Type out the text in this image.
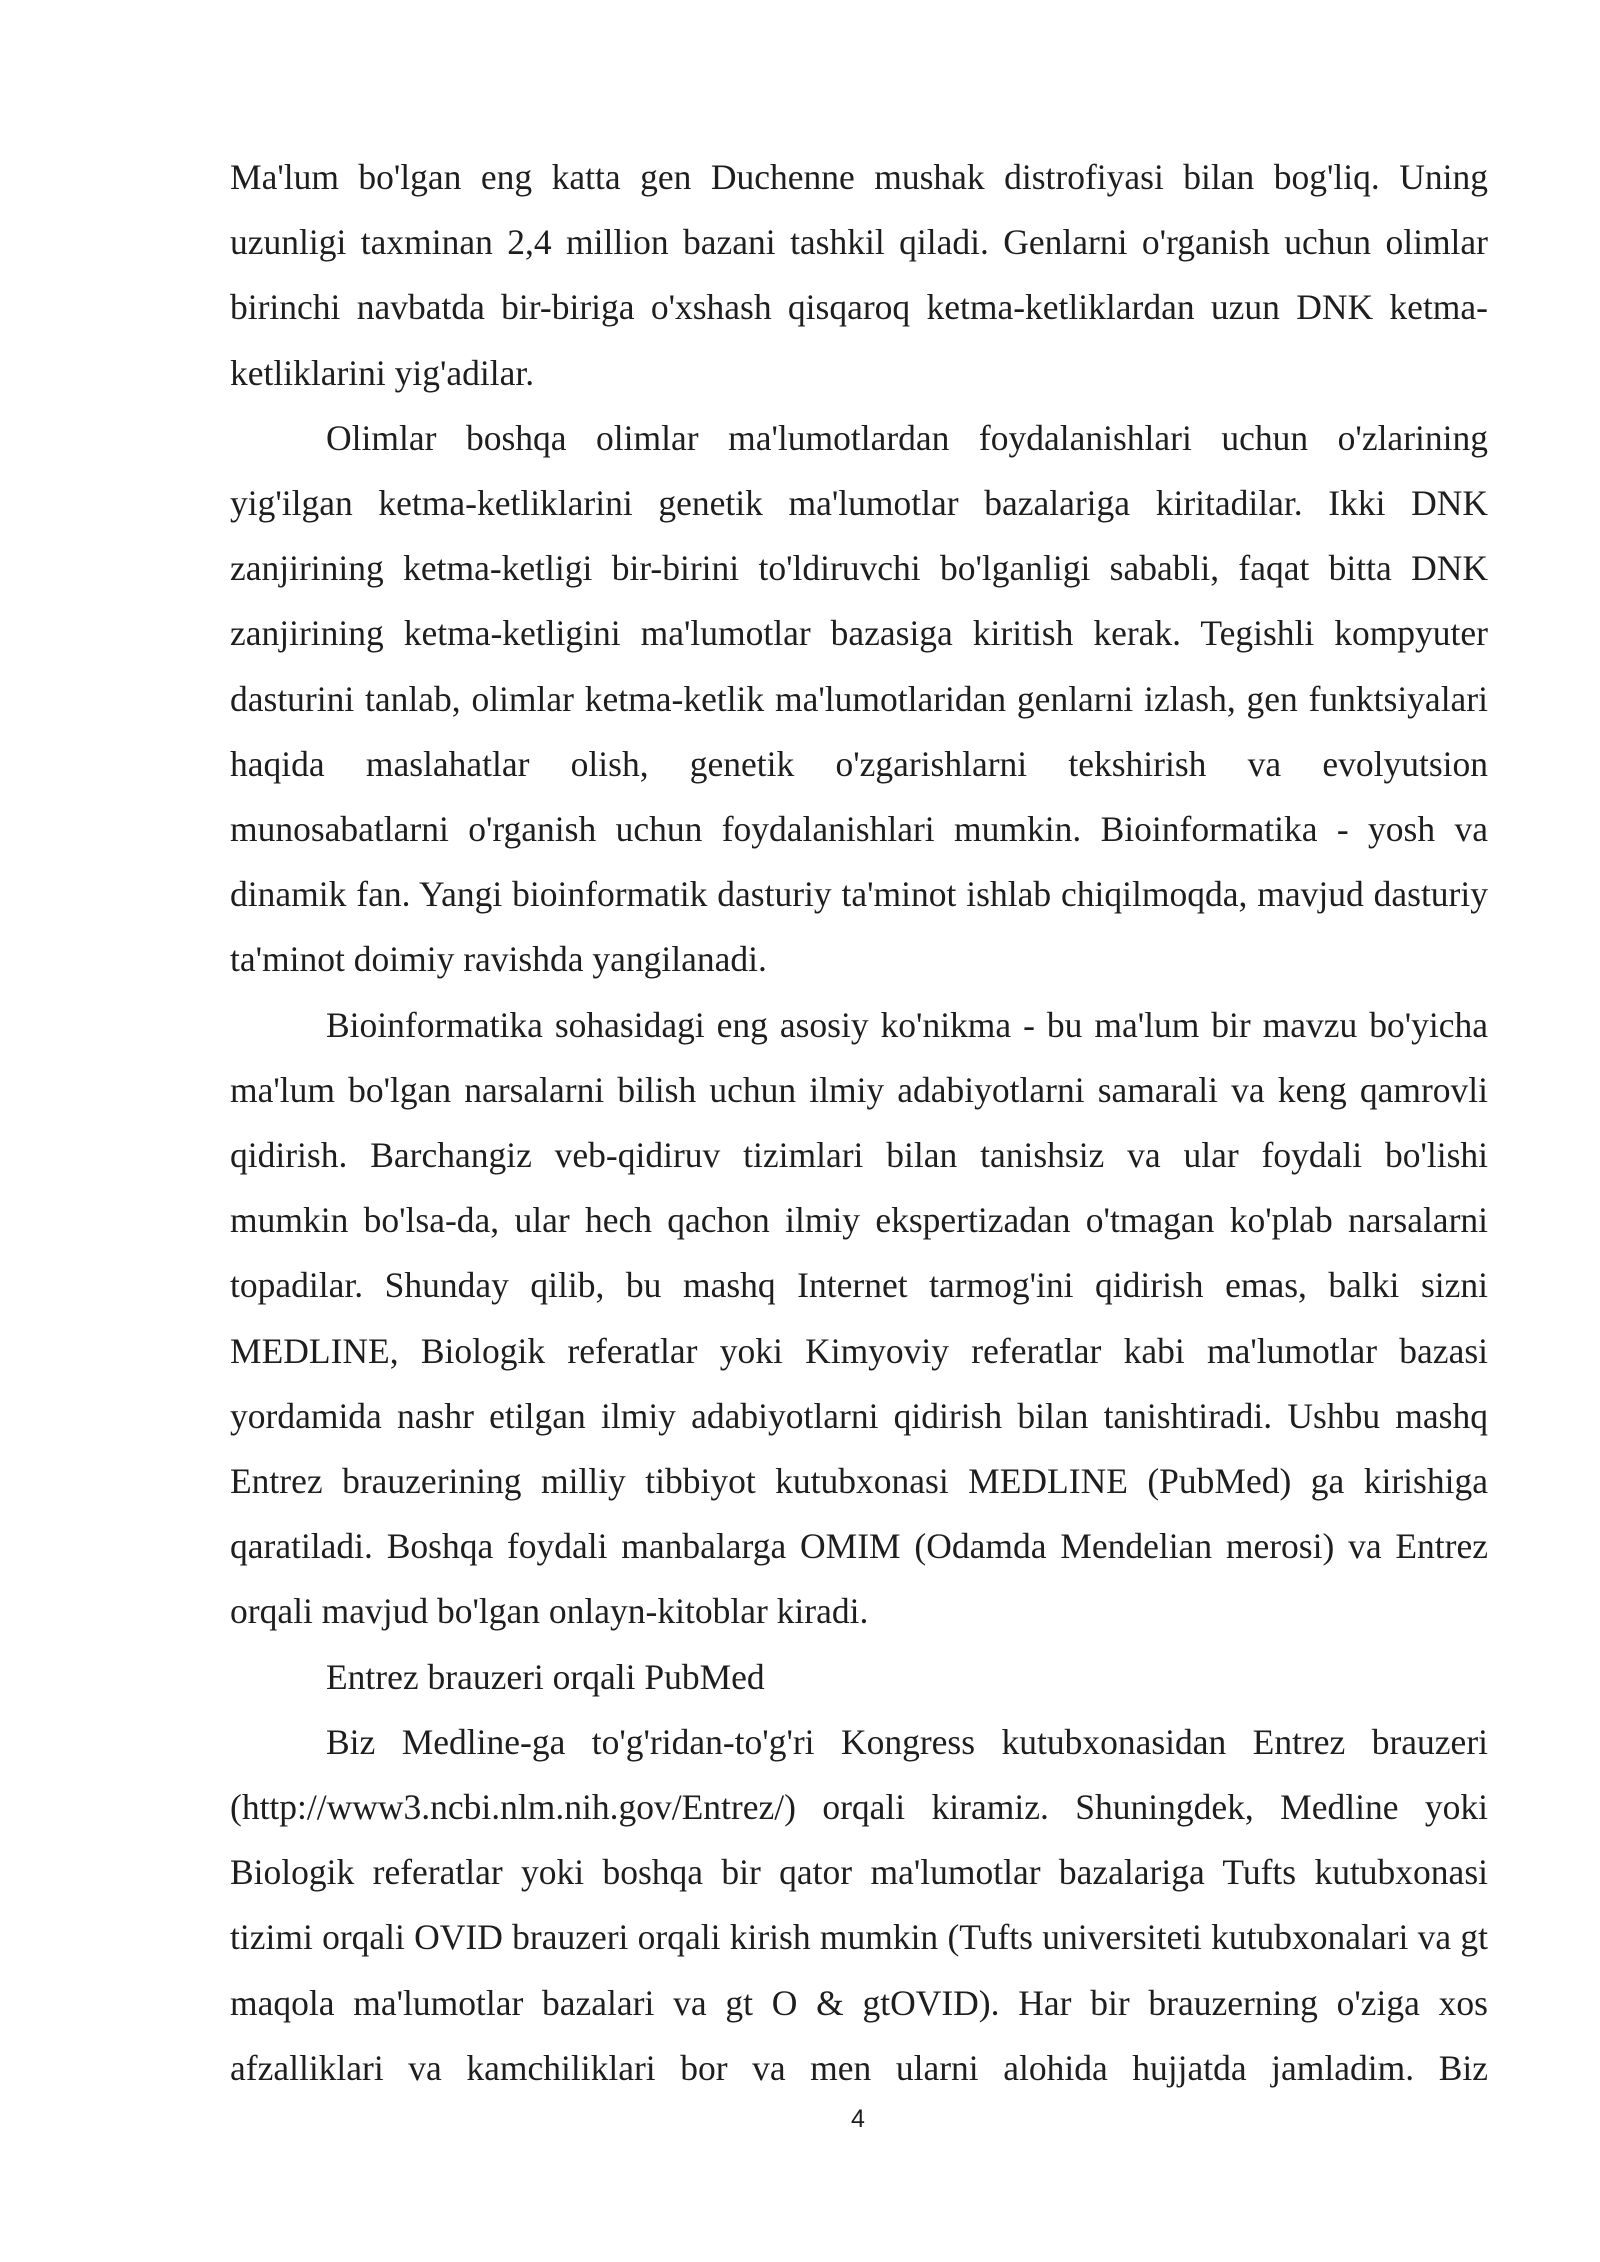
Ma'lum bo'lgan eng katta gen Duchenne mushak distrofiyasi bilan bog'liq. Uning uzunligi taxminan 2,4 million bazani tashkil qiladi. Genlarni o'rganish uchun olimlar birinchi navbatda bir-biriga o'xshash qisqaroq ketma-ketliklardan uzun DNK ketma-ketliklarini yig'adilar.

Olimlar boshqa olimlar ma'lumotlardan foydalanishlari uchun o'zlarining yig'ilgan ketma-ketliklarini genetik ma'lumotlar bazalariga kiritadilar. Ikki DNK zanjirining ketma-ketligi bir-birini to'ldiruvchi bo'lganligi sababli, faqat bitta DNK zanjirining ketma-ketligini ma'lumotlar bazasiga kiritish kerak. Tegishli kompyuter dasturini tanlab, olimlar ketma-ketlik ma'lumotlaridan genlarni izlash, gen funktsiyalari haqida maslahatlar olish, genetik o'zgarishlarni tekshirish va evolyutsion munosabatlarni o'rganish uchun foydalanishlari mumkin. Bioinformatika - yosh va dinamik fan. Yangi bioinformatik dasturiy ta'minot ishlab chiqilmoqda, mavjud dasturiy ta'minot doimiy ravishda yangilanadi.

Bioinformatika sohasidagi eng asosiy ko'nikma - bu ma'lum bir mavzu bo'yicha ma'lum bo'lgan narsalarni bilish uchun ilmiy adabiyotlarni samarali va keng qamrovli qidirish. Barchangiz veb-qidiruv tizimlari bilan tanishsiz va ular foydali bo'lishi mumkin bo'lsa-da, ular hech qachon ilmiy ekspertizadan o'tmagan ko'plab narsalarni topadilar. Shunday qilib, bu mashq Internet tarmog'ini qidirish emas, balki sizni MEDLINE, Biologik referatlar yoki Kimyoviy referatlar kabi ma'lumotlar bazasi yordamida nashr etilgan ilmiy adabiyotlarni qidirish bilan tanishtiradi. Ushbu mashq Entrez brauzerining milliy tibbiyot kutubxonasi MEDLINE (PubMed) ga kirishiga qaratiladi. Boshqa foydali manbalarga OMIM (Odamda Mendelian merosi) va Entrez orqali mavjud bo'lgan onlayn-kitoblar kiradi.

Entrez brauzeri orqali PubMed

Biz Medline-ga to'g'ridan-to'g'ri Kongress kutubxonasidan Entrez brauzeri (http://www3.ncbi.nlm.nih.gov/Entrez/) orqali kiramiz. Shuningdek, Medline yoki Biologik referatlar yoki boshqa bir qator ma'lumotlar bazalariga Tufts kutubxonasi tizimi orqali OVID brauzeri orqali kirish mumkin (Tufts universiteti kutubxonalari va gt maqola ma'lumotlar bazalari va gt O & gtOVID). Har bir brauzerning o'ziga xos afzalliklari va kamchiliklari bor va men ularni alohida hujjatda jamladim. Biz

4
